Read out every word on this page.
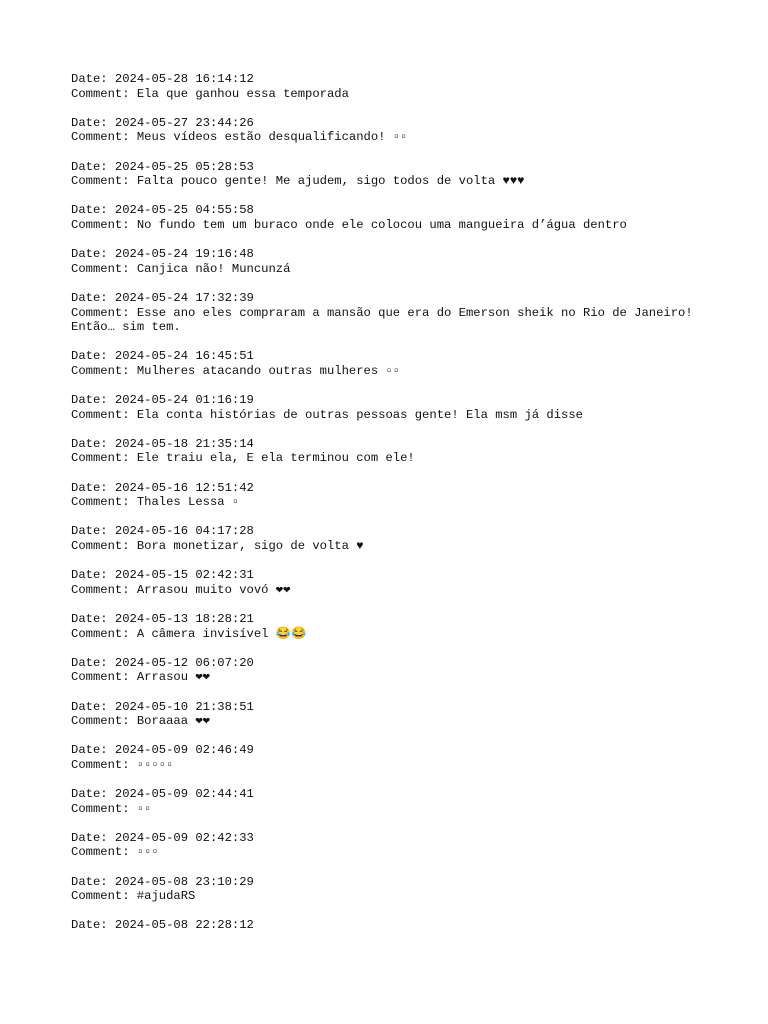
Date: 2024-05-28 16:14:12
Comment: Ela que ganhou essa temporada
Date: 2024-05-27 23:44:26
Comment: Meus vídeos estão desqualificando! ▫▫
Date: 2024-05-25 05:28:53
Comment: Falta pouco gente! Me ajudem, sigo todos de volta ♥♥♥
Date: 2024-05-25 04:55:58
Comment: No fundo tem um buraco onde ele colocou uma mangueira d’água dentro
Date: 2024-05-24 19:16:48
Comment: Canjica não! Muncunzá
Date: 2024-05-24 17:32:39
Comment: Esse ano eles compraram a mansão que era do Emerson sheik no Rio de Janeiro! Então… sim tem.
Date: 2024-05-24 16:45:51
Comment: Mulheres atacando outras mulheres ▫▫
Date: 2024-05-24 01:16:19
Comment: Ela conta histórias de outras pessoas gente! Ela msm já disse
Date: 2024-05-18 21:35:14
Comment: Ele traiu ela, E ela terminou com ele!
Date: 2024-05-16 12:51:42
Comment: Thales Lessa ▫
Date: 2024-05-16 04:17:28
Comment: Bora monetizar, sigo de volta ♥
Date: 2024-05-15 02:42:31
Comment: Arrasou muito vovó ❤❤
Date: 2024-05-13 18:28:21
Comment: A câmera invisível 😂😂
Date: 2024-05-12 06:07:20
Comment: Arrasou ❤❤
Date: 2024-05-10 21:38:51
Comment: Boraaaa ❤❤
Date: 2024-05-09 02:46:49
Comment: ▫▫▫▫▫
Date: 2024-05-09 02:44:41
Comment: ▫▫
Date: 2024-05-09 02:42:33
Comment: ▫▫▫
Date: 2024-05-08 23:10:29
Comment: #ajudaRS
Date: 2024-05-08 22:28:12
